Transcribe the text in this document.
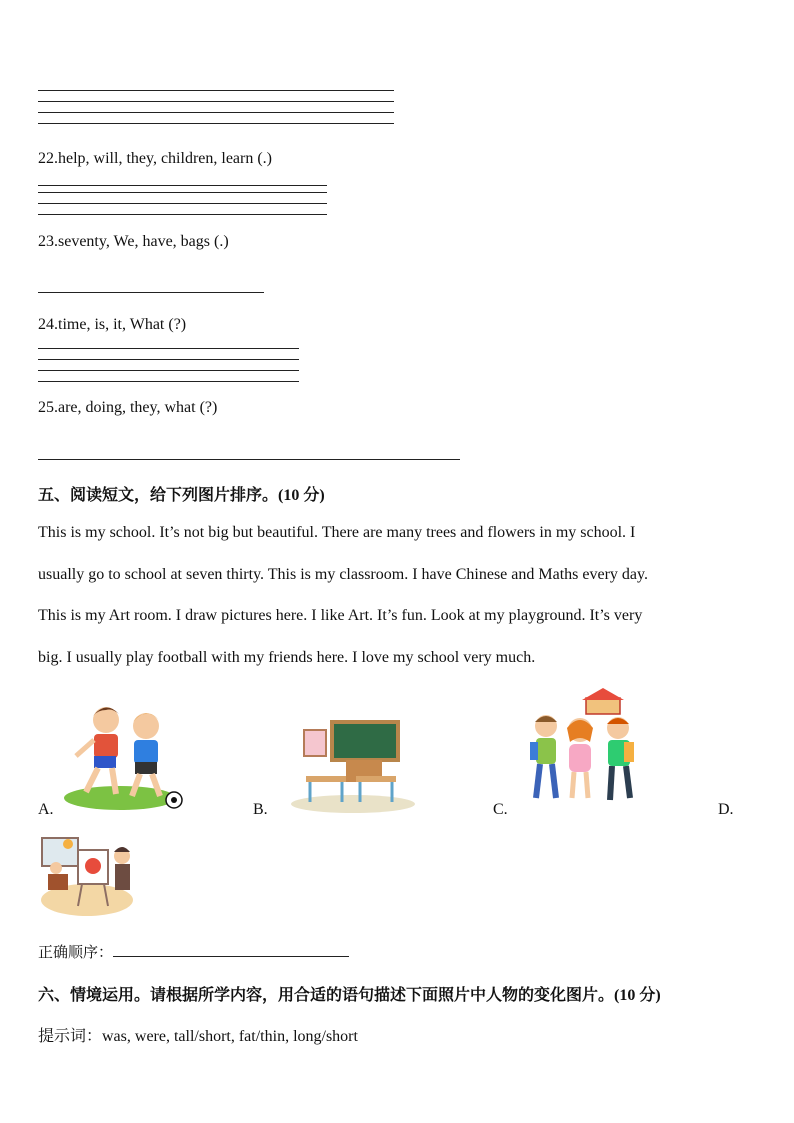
22.help, will, they, children, learn (.)
23.seventy, We, have, bags (.)
24.time, is, it, What (?)
25.are, doing, they, what (?)
五、阅读短文，给下列图片排序。(10 分)
This is my school. It’s not big but beautiful. There are many trees and flowers in my school. I
usually go to school at seven thirty. This is my classroom. I have Chinese and Maths every day.
This is my Art room. I draw pictures here. I like Art. It’s fun. Look at my playground. It’s very
big. I usually play football with my friends here. I love my school very much.
A.	B.	C.	D.
正确顺序：
六、情境运用。请根据所学内容，用合适的语句描述下面照片中人物的变化图片。(10 分)
提示词：was, were, tall/short, fat/thin, long/short
